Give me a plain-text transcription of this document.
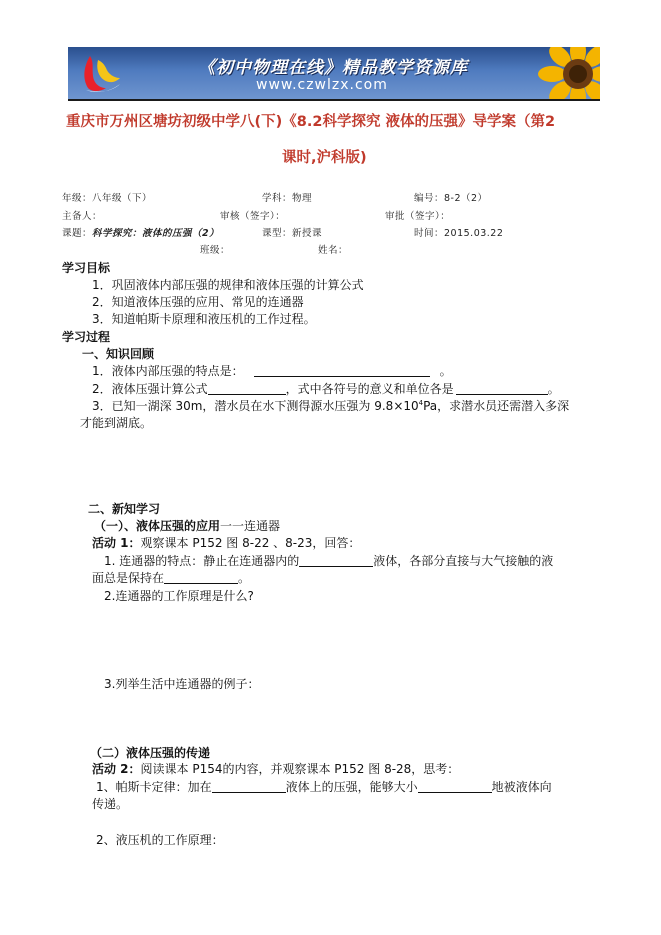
《初中物理在线》精品教学资源库
www.czwlzx.com
重庆市万州区塘坊初级中学八(下)《8.2科学探究 液体的压强》导学案（第2
课时,沪科版)
年级：八年级（下）	学科：物理	编号：8-2（2）
主备人：	审核（签字）：	审批（签字）：
课题：科学探究：液体的压强（2）	课型：新授课	时间：2015.03.22
班级：	姓名：
学习目标
1．巩固液体内部压强的规律和液体压强的计算公式
2．知道液体压强的应用、常见的连通器
3．知道帕斯卡原理和液压机的工作过程。
学习过程
一、知识回顾
1．液体内部压强的特点是：	。
2．液体压强计算公式	，式中各符号的意义和单位各是	。
3．已知一湖深 30m，潜水员在水下测得源水压强为 $9.8\times 10^4Pa$，求潜水员还需潜入多深
才能到湖底。
二、新知学习
（一）、液体压强的应用一一连通器
活动 1：观察课本 P152 图 8-22 、8-23，回答：
1. 连通器的特点：静止在连通器内的	液体，各部分直接与大气接触的液
面总是保持在	。
2.连通器的工作原理是什么?
3.列举生活中连通器的例子：
（二）液体压强的传递
活动 2：阅读课本 P154的内容，并观察课本 P152 图 8-28，思考：
1、帕斯卡定律：加在	液体上的压强，能够大小	地被液体向
传递。
2、液压机的工作原理：
